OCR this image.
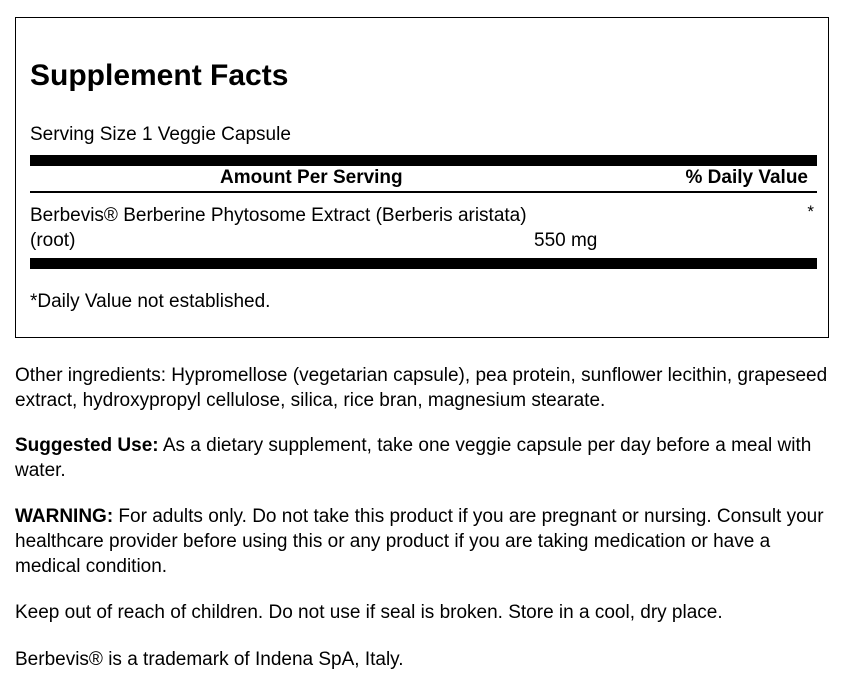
Supplement Facts
Serving Size 1 Veggie Capsule
Amount Per Serving	% Daily Value
Berbevis® Berberine Phytosome Extract (Berberis aristata)
(root)	550 mg
*
*Daily Value not established.

Other ingredients: Hypromellose (vegetarian capsule), pea protein, sunflower lecithin, grapeseed extract, hydroxypropyl cellulose, silica, rice bran, magnesium stearate.

Suggested Use: As a dietary supplement, take one veggie capsule per day before a meal with water.

WARNING: For adults only. Do not take this product if you are pregnant or nursing. Consult your healthcare provider before using this or any product if you are taking medication or have a medical condition.

Keep out of reach of children. Do not use if seal is broken. Store in a cool, dry place.

Berbevis® is a trademark of Indena SpA, Italy.
